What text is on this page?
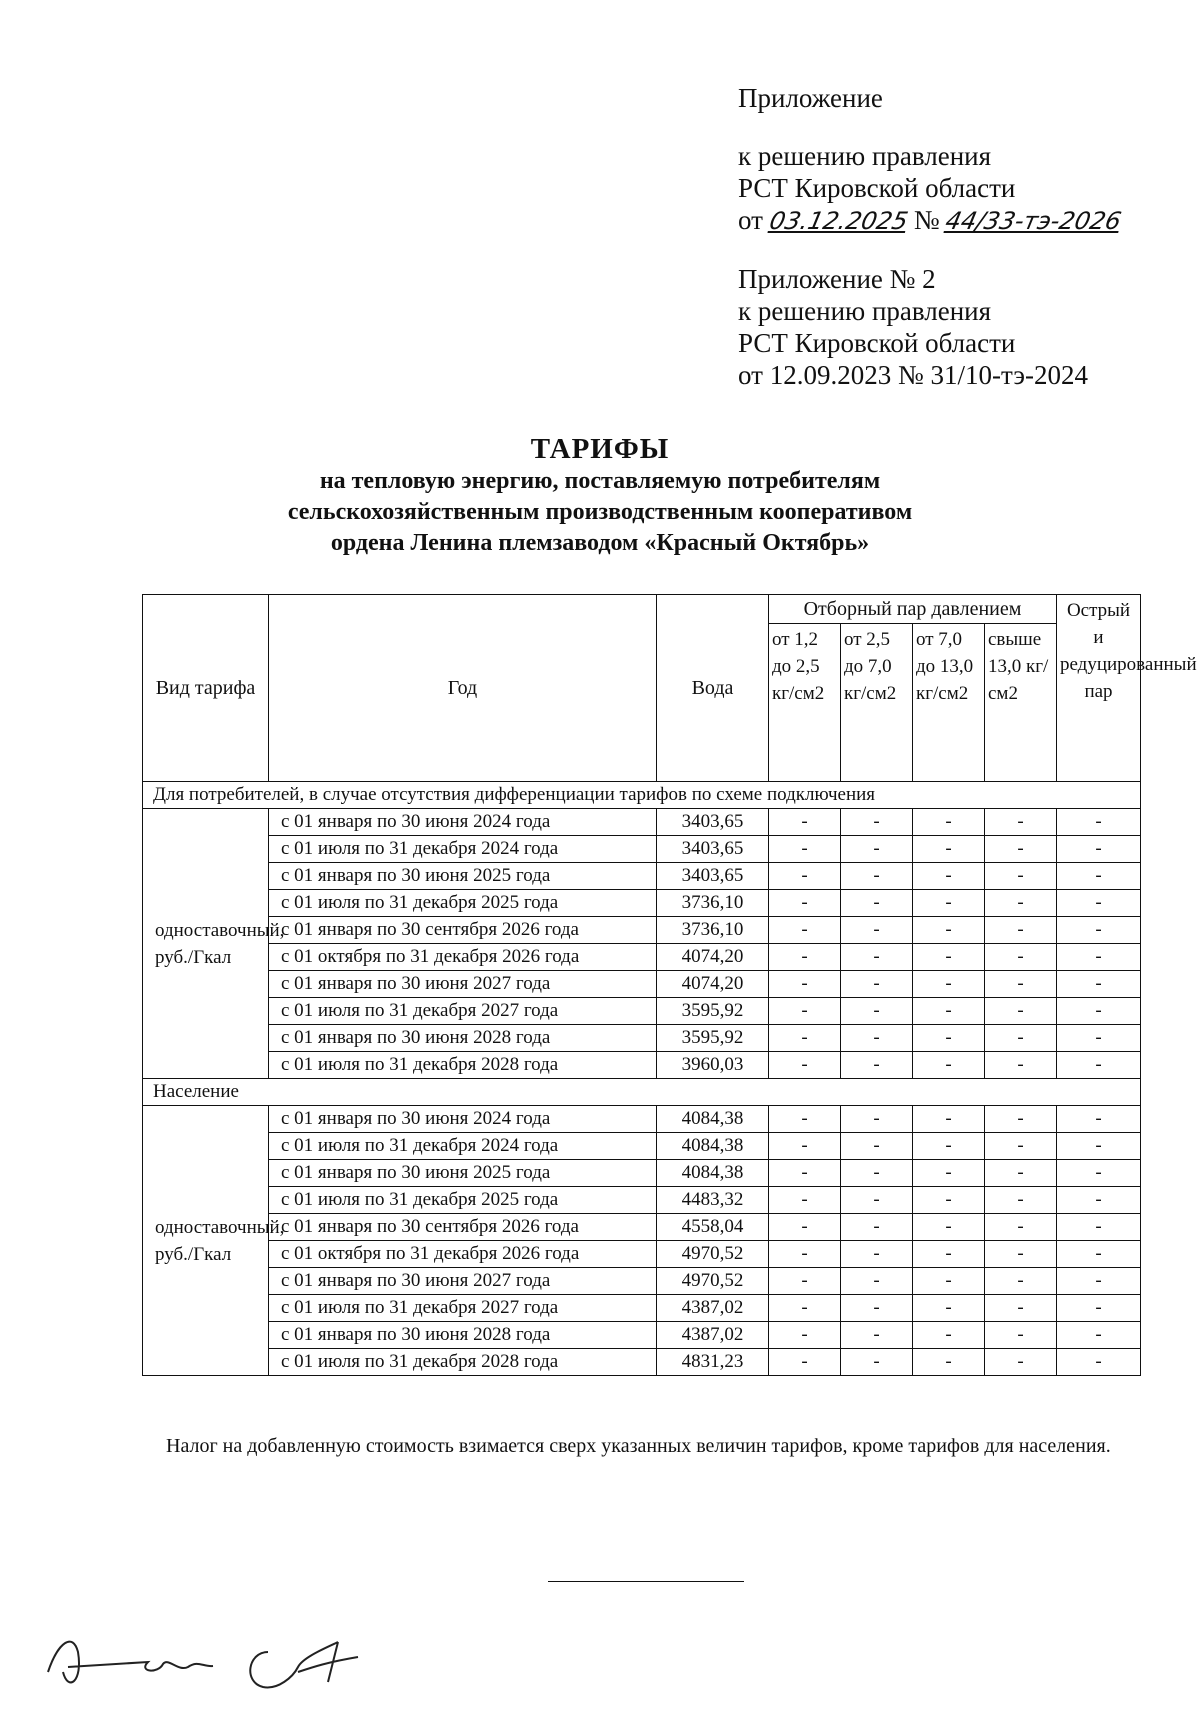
Приложение
к решению правления
РСТ Кировской области
от 03.12.2025 № 44/33-тэ-2026
Приложение № 2
к решению правления
РСТ Кировской области
от 12.09.2023 № 31/10-тэ-2024
ТАРИФЫ
на тепловую энергию, поставляемую потребителям
сельскохозяйственным производственным кооперативом
ордена Ленина племзаводом «Красный Октябрь»
Вид тарифа	Год	Вода	Отборный пар давлением				Острый и редуцированный пар
			от 1,2 до 2,5 кг/см2	от 2,5 до 7,0 кг/см2	от 7,0 до 13,0 кг/см2	свыше 13,0 кг/см2	
Для потребителей, в случае отсутствия дифференциации тарифов по схеме подключения							
одноставочный, руб./Гкал	с 01 января по 30 июня 2024 года	3403,65	-	-	-	-	-
	с 01 июля по 31 декабря 2024 года	3403,65	-	-	-	-	-
	с 01 января по 30 июня 2025 года	3403,65	-	-	-	-	-
	с 01 июля по 31 декабря 2025 года	3736,10	-	-	-	-	-
	с 01 января по 30 сентября 2026 года	3736,10	-	-	-	-	-
	с 01 октября по 31 декабря 2026 года	4074,20	-	-	-	-	-
	с 01 января по 30 июня 2027 года	4074,20	-	-	-	-	-
	с 01 июля по 31 декабря 2027 года	3595,92	-	-	-	-	-
	с 01 января по 30 июня 2028 года	3595,92	-	-	-	-	-
	с 01 июля по 31 декабря 2028 года	3960,03	-	-	-	-	-
Население							
одноставочный, руб./Гкал	с 01 января по 30 июня 2024 года	4084,38	-	-	-	-	-
	с 01 июля по 31 декабря 2024 года	4084,38	-	-	-	-	-
	с 01 января по 30 июня 2025 года	4084,38	-	-	-	-	-
	с 01 июля по 31 декабря 2025 года	4483,32	-	-	-	-	-
	с 01 января по 30 сентября 2026 года	4558,04	-	-	-	-	-
	с 01 октября по 31 декабря 2026 года	4970,52	-	-	-	-	-
	с 01 января по 30 июня 2027 года	4970,52	-	-	-	-	-
	с 01 июля по 31 декабря 2027 года	4387,02	-	-	-	-	-
	с 01 января по 30 июня 2028 года	4387,02	-	-	-	-	-
	с 01 июля по 31 декабря 2028 года	4831,23	-	-	-	-	-
Налог на добавленную стоимость взимается сверх указанных величин тарифов, кроме тарифов для населения.
